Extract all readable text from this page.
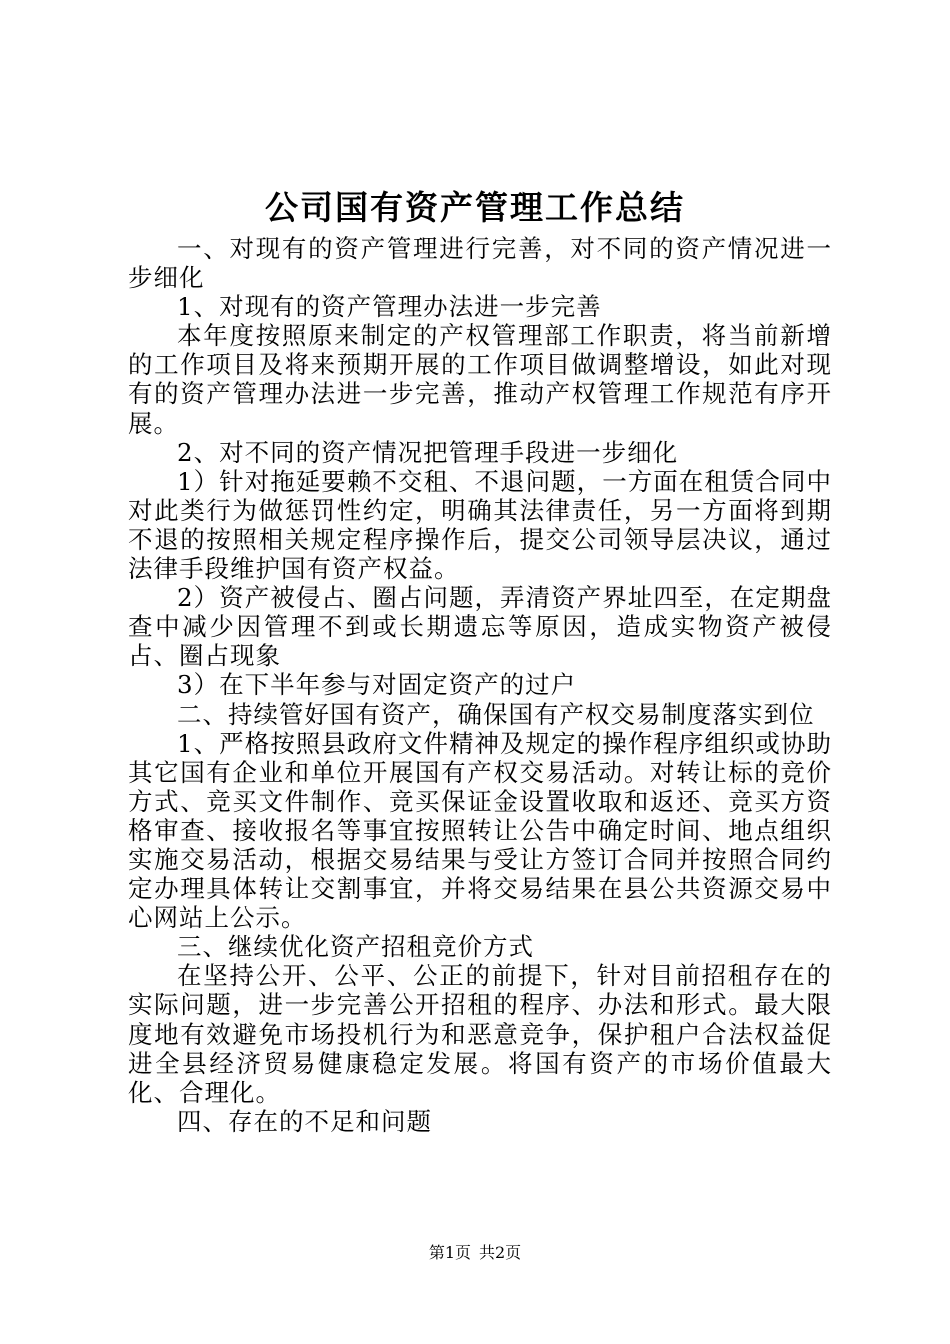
公司国有资产管理工作总结

一、对现有的资产管理进行完善，对不同的资产情况进一步细化

1、对现有的资产管理办法进一步完善

本年度按照原来制定的产权管理部工作职责，将当前新增的工作项目及将来预期开展的工作项目做调整增设，如此对现有的资产管理办法进一步完善，推动产权管理工作规范有序开展。

2、对不同的资产情况把管理手段进一步细化

1）针对拖延要赖不交租、不退问题，一方面在租赁合同中对此类行为做惩罚性约定，明确其法律责任，另一方面将到期不退的按照相关规定程序操作后，提交公司领导层决议，通过法律手段维护国有资产权益。

2）资产被侵占、圈占问题，弄清资产界址四至，在定期盘查中减少因管理不到或长期遗忘等原因，造成实物资产被侵占、圈占现象

3）在下半年参与对固定资产的过户

二、持续管好国有资产，确保国有产权交易制度落实到位

1、严格按照县政府文件精神及规定的操作程序组织或协助其它国有企业和单位开展国有产权交易活动。对转让标的竞价方式、竞买文件制作、竞买保证金设置收取和返还、竞买方资格审查、接收报名等事宜按照转让公告中确定时间、地点组织实施交易活动，根据交易结果与受让方签订合同并按照合同约定办理具体转让交割事宜，并将交易结果在县公共资源交易中心网站上公示。

三、继续优化资产招租竞价方式

在坚持公开、公平、公正的前提下，针对目前招租存在的实际问题，进一步完善公开招租的程序、办法和形式。最大限度地有效避免市场投机行为和恶意竞争，保护租户合法权益促进全县经济贸易健康稳定发展。将国有资产的市场价值最大化、合理化。

四、存在的不足和问题

第1页 共2页
